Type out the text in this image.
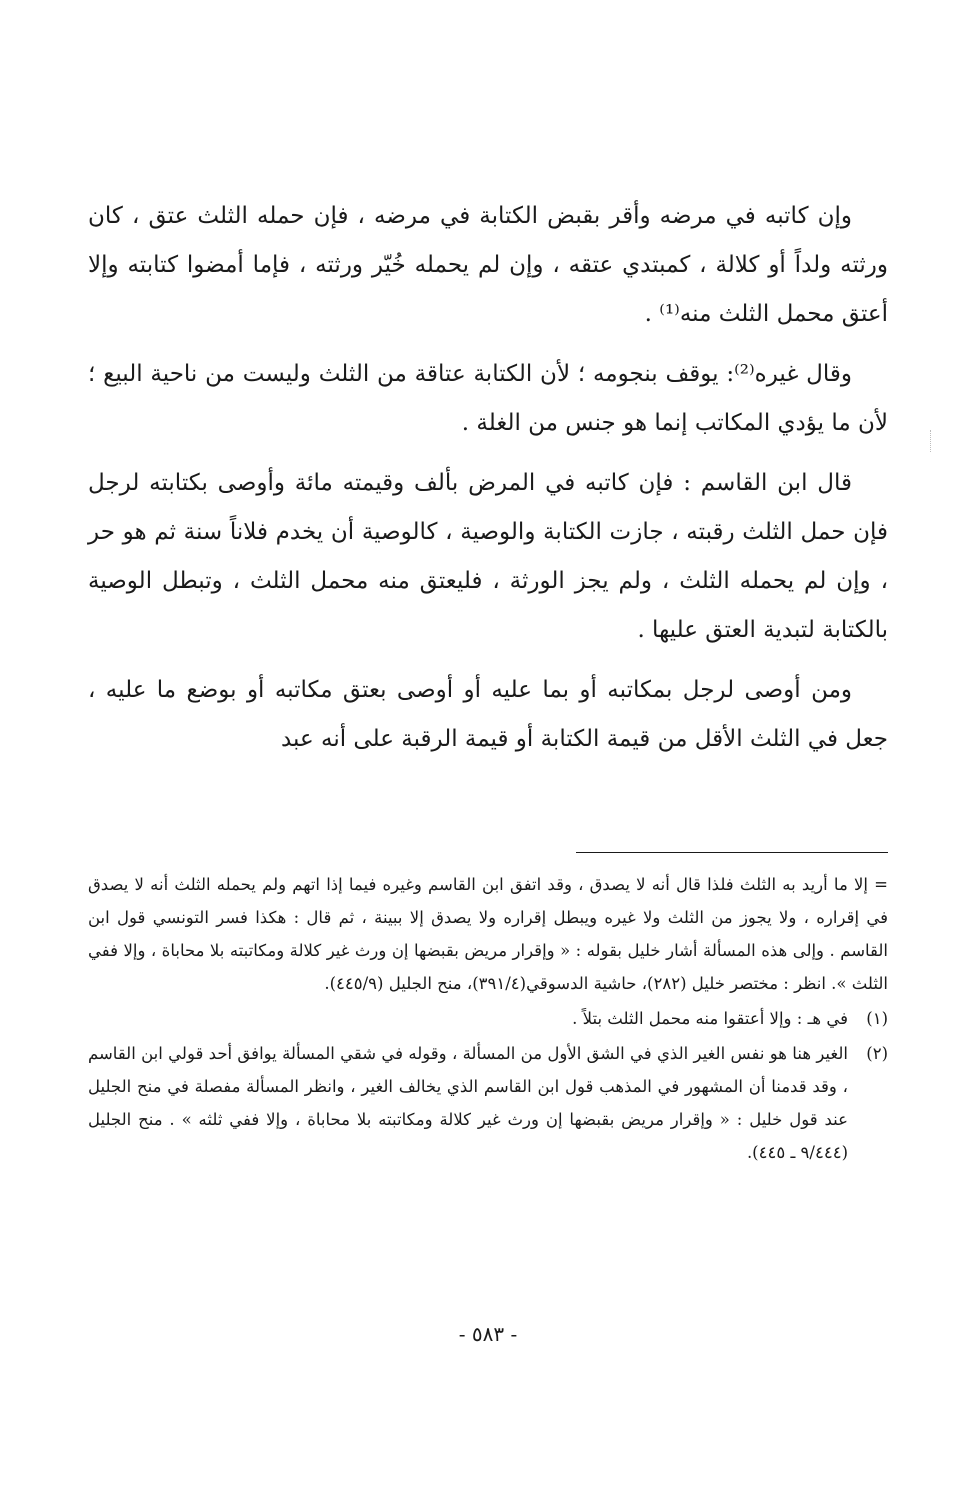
وإن كاتبه في مرضه وأقر بقبض الكتابة في مرضه ، فإن حمله الثلث عتق ، كان ورثته ولداً أو كلالة ، كمبتدي عتقه ، وإن لم يحمله خُيّر ورثته ، فإما أمضوا كتابته وإلا أعتق محمل الثلث منه⁽¹⁾ .

وقال غيره⁽²⁾: يوقف بنجومه ؛ لأن الكتابة عتاقة من الثلث وليست من ناحية البيع ؛ لأن ما يؤدي المكاتب إنما هو جنس من الغلة .

قال ابن القاسم : فإن كاتبه في المرض بألف وقيمته مائة وأوصى بكتابته لرجل فإن حمل الثلث رقبته ، جازت الكتابة والوصية ، كالوصية أن يخدم فلاناً سنة ثم هو حر ، وإن لم يحمله الثلث ، ولم يجز الورثة ، فليعتق منه محمل الثلث ، وتبطل الوصية بالكتابة لتبدية العتق عليها .

ومن أوصى لرجل بمكاتبه أو بما عليه أو أوصى بعتق مكاتبه أو بوضع ما عليه ، جعل في الثلث الأقل من قيمة الكتابة أو قيمة الرقبة على أنه عبد

= إلا ما أريد به الثلث فلذا قال أنه لا يصدق ، وقد اتفق ابن القاسم وغيره فيما إذا اتهم ولم يحمله الثلث أنه لا يصدق في إقراره ، ولا يجوز من الثلث ولا غيره ويبطل إقراره ولا يصدق إلا ببينة ، ثم قال : هكذا فسر التونسي قول ابن القاسم . وإلى هذه المسألة أشار خليل بقوله : « وإقرار مريض بقبضها إن ورث غير كلالة ومكاتبته بلا محاباة ، وإلا ففي الثلث ». انظر : مختصر خليل (٢٨٢)، حاشية الدسوقي(٣٩١/٤)، منح الجليل (٤٤٥/٩).

(١)
في هـ : وإلا أعتقوا منه محمل الثلث بتلاً .
(٢)
الغير هنا هو نفس الغير الذي في الشق الأول من المسألة ، وقوله في شقي المسألة يوافق أحد قولي ابن القاسم ، وقد قدمنا أن المشهور في المذهب قول ابن القاسم الذي يخالف الغير ، وانظر المسألة مفصلة في منح الجليل عند قول خليل : « وإقرار مريض بقبضها إن ورث غير كلالة ومكاتبته بلا محاباة ، وإلا ففي ثلثه » . منح الجليل (٩/٤٤٤ ـ ٤٤٥).
- ٥٨٣ -
